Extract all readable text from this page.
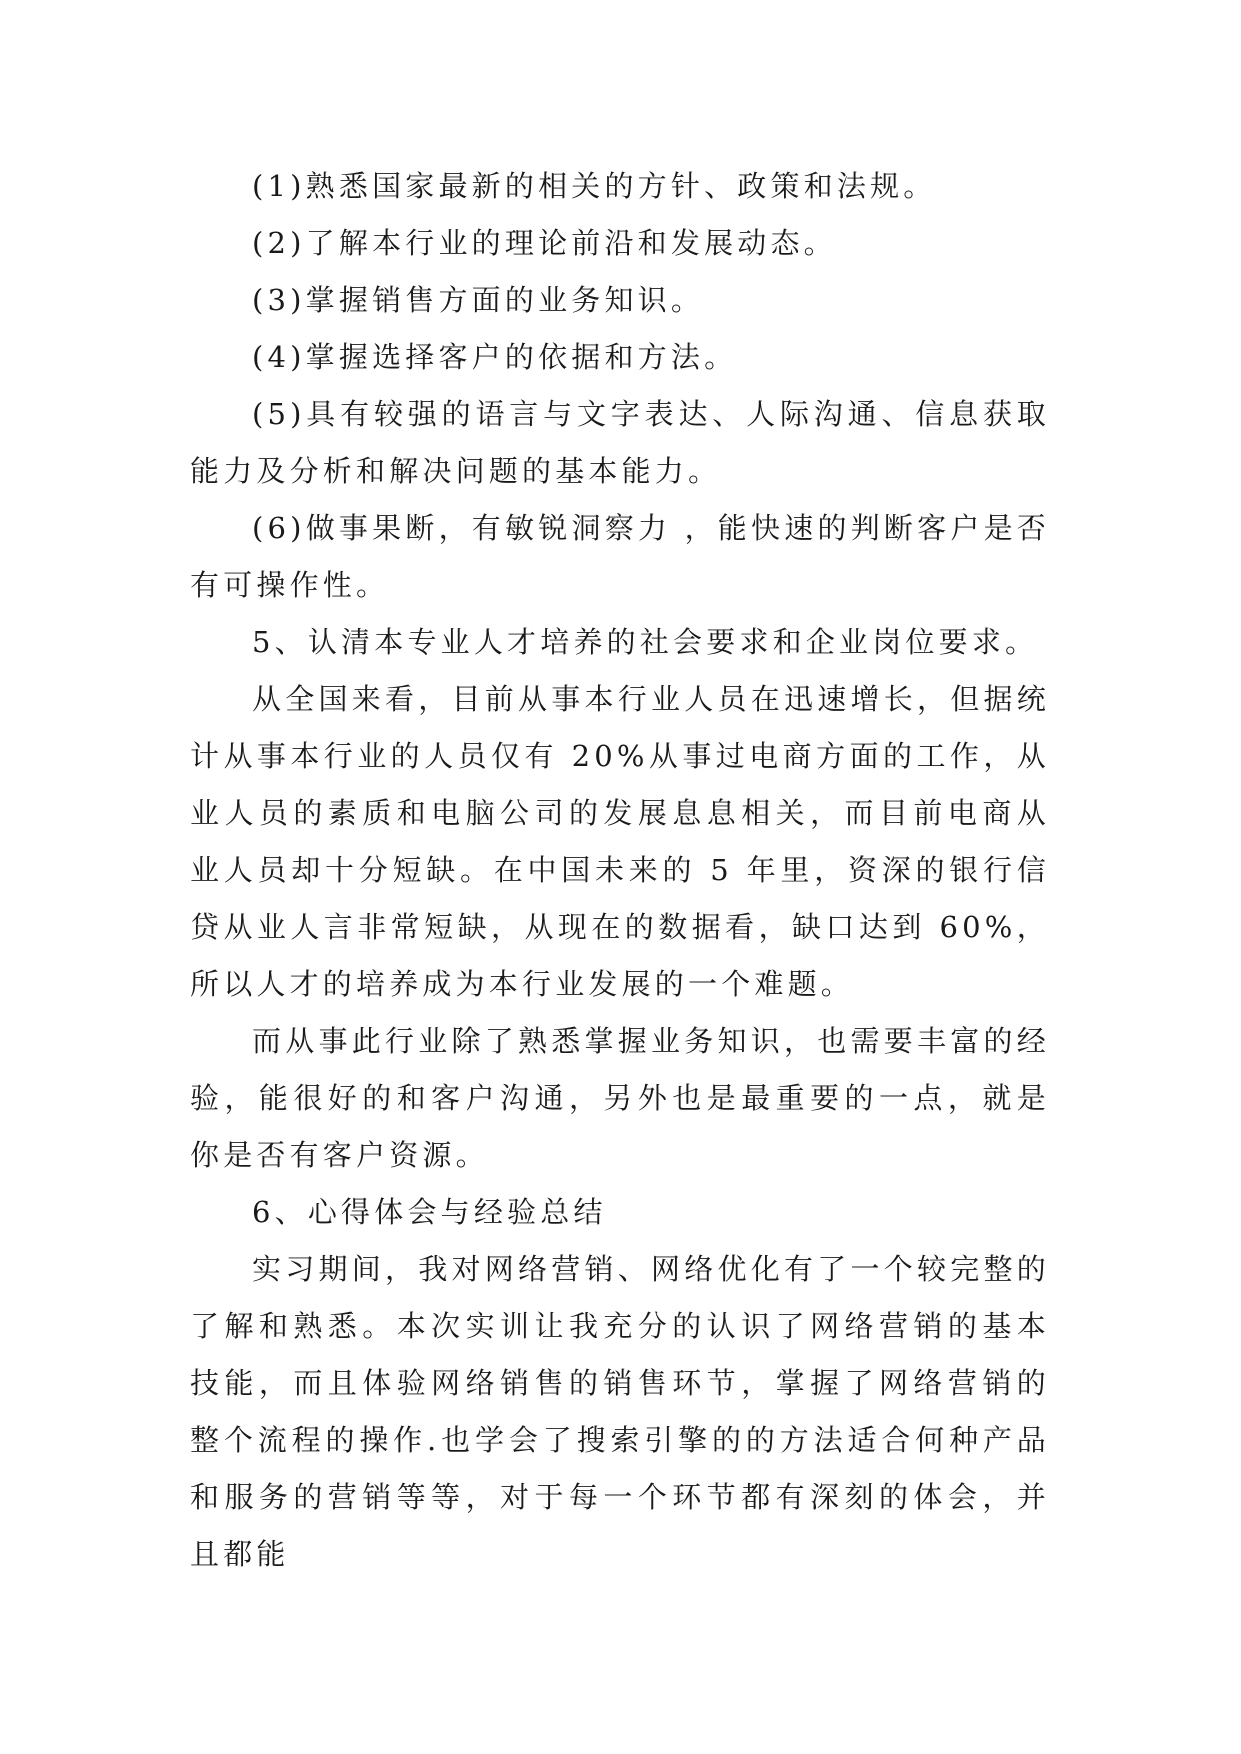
(1)熟悉国家最新的相关的方针、政策和法规。

(2)了解本行业的理论前沿和发展动态。

(3)掌握销售方面的业务知识。

(4)掌握选择客户的依据和方法。

(5)具有较强的语言与文字表达、人际沟通、信息获取能力及分析和解决问题的基本能力。

(6)做事果断，有敏锐洞察力 ，能快速的判断客户是否有可操作性。

5、认清本专业人才培养的社会要求和企业岗位要求。

从全国来看，目前从事本行业人员在迅速增长，但据统计从事本行业的人员仅有 20%从事过电商方面的工作，从业人员的素质和电脑公司的发展息息相关，而目前电商从业人员却十分短缺。在中国未来的 5 年里，资深的银行信贷从业人言非常短缺，从现在的数据看，缺口达到 60%，所以人才的培养成为本行业发展的一个难题。

而从事此行业除了熟悉掌握业务知识，也需要丰富的经验，能很好的和客户沟通，另外也是最重要的一点，就是你是否有客户资源。

6、心得体会与经验总结

实习期间，我对网络营销、网络优化有了一个较完整的了解和熟悉。本次实训让我充分的认识了网络营销的基本技能，而且体验网络销售的销售环节，掌握了网络营销的整个流程的操作.也学会了搜索引擎的的方法适合何种产品和服务的营销等等，对于每一个环节都有深刻的体会，并且都能
